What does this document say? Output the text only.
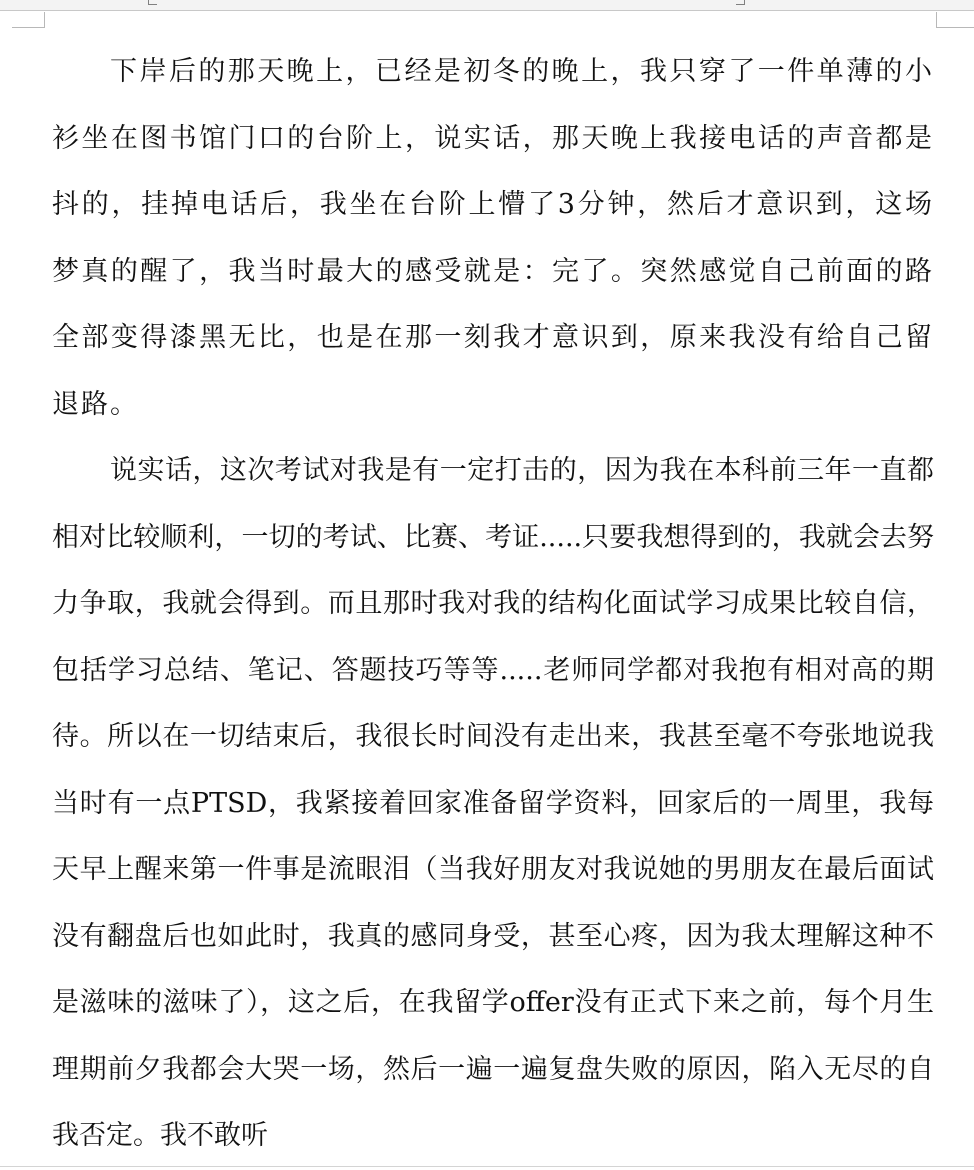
下岸后的那天晚上，已经是初冬的晚上，我只穿了一件单薄的小衫坐在图书馆门口的台阶上，说实话，那天晚上我接电话的声音都是抖的，挂掉电话后，我坐在台阶上懵了3分钟，然后才意识到，这场梦真的醒了，我当时最大的感受就是：完了。突然感觉自己前面的路全部变得漆黑无比，也是在那一刻我才意识到，原来我没有给自己留退路。

说实话，这次考试对我是有一定打击的，因为我在本科前三年一直都相对比较顺利，一切的考试、比赛、考证.....只要我想得到的，我就会去努力争取，我就会得到。而且那时我对我的结构化面试学习成果比较自信，包括学习总结、笔记、答题技巧等等.....老师同学都对我抱有相对高的期待。所以在一切结束后，我很长时间没有走出来，我甚至毫不夸张地说我当时有一点PTSD，我紧接着回家准备留学资料，回家后的一周里，我每天早上醒来第一件事是流眼泪（当我好朋友对我说她的男朋友在最后面试没有翻盘后也如此时，我真的感同身受，甚至心疼，因为我太理解这种不是滋味的滋味了），这之后，在我留学offer没有正式下来之前，每个月生理期前夕我都会大哭一场，然后一遍一遍复盘失败的原因，陷入无尽的自我否定。我不敢听
